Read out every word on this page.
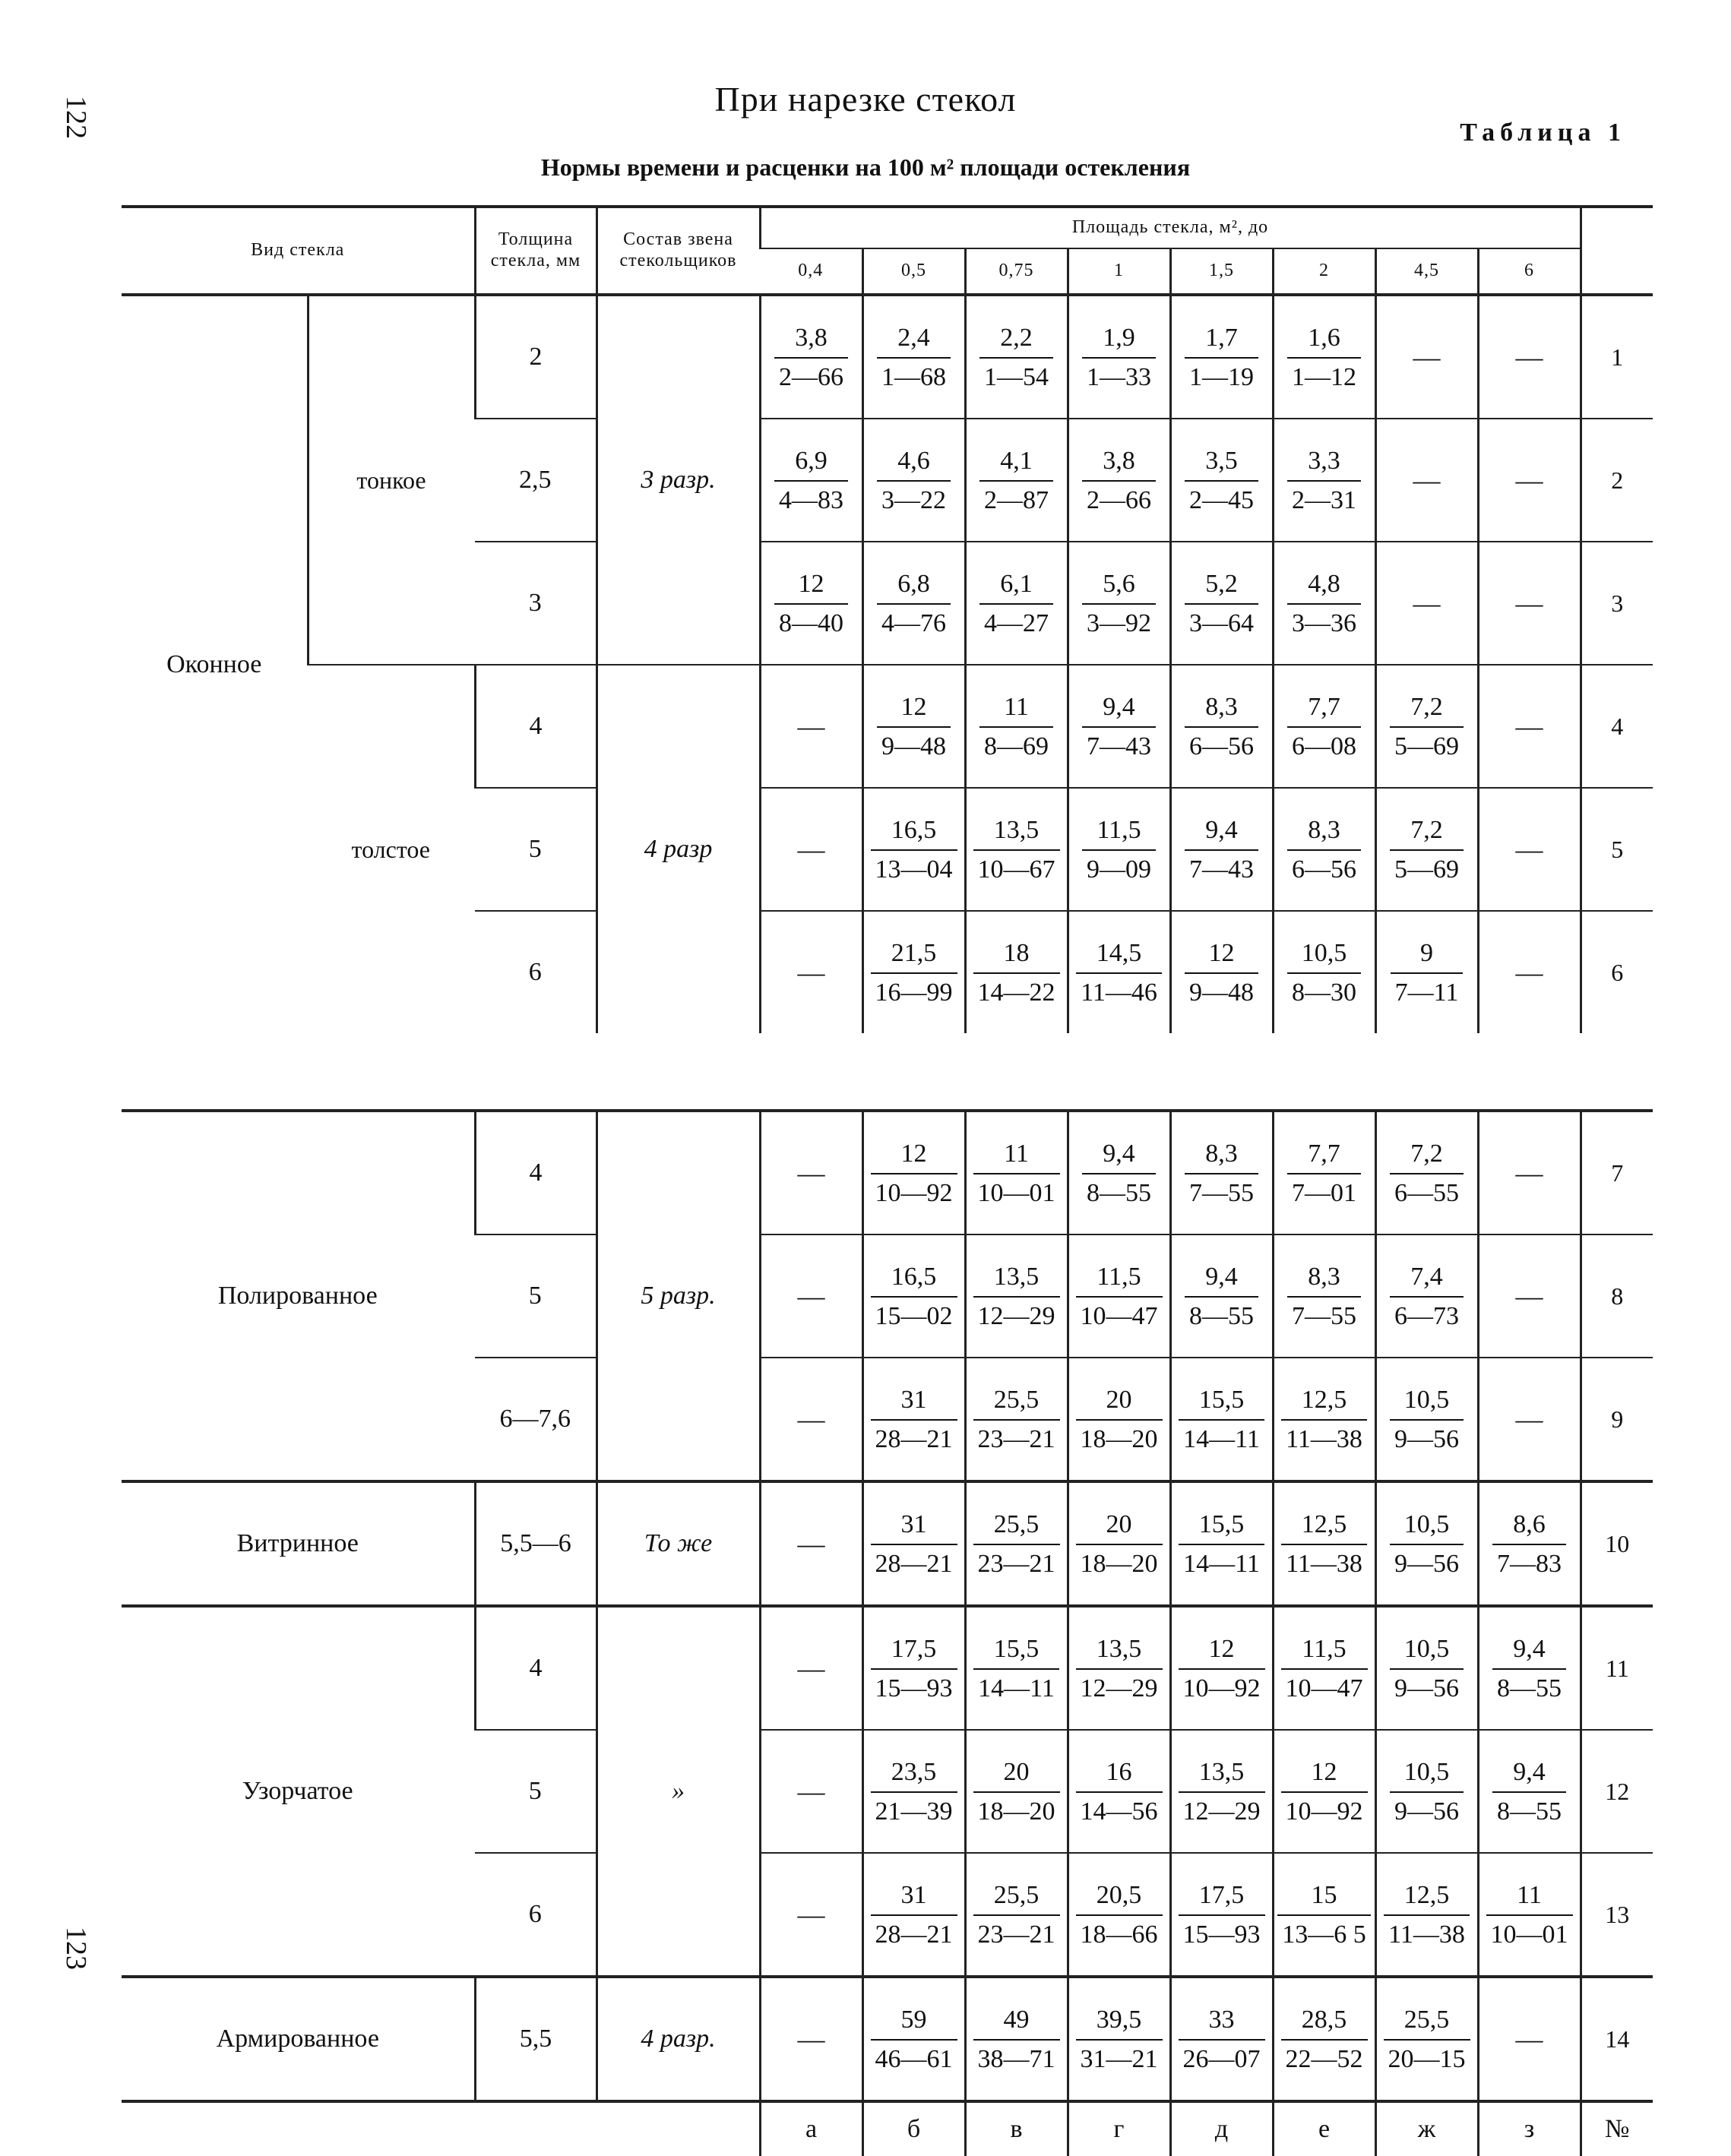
122
123
При нарезке стекол
Таблица 1
Нормы времени и расценки на 100 м² площади остекления
Вид стекла		Толщина стекла, мм	Состав звена стекольщиков	Площадь стекла, м², до								
				0,4	0,5	0,75	1	1,5	2	4,5	6	
Оконное	тонкое	2	3 разр.	$\frac{3,8}{2—66}$	$\frac{2,4}{1—68}$	$\frac{2,2}{1—54}$	$\frac{1,9}{1—33}$	$\frac{1,7}{1—19}$	$\frac{1,6}{1—12}$	—	—	1
		2,5		$\frac{6,9}{4—83}$	$\frac{4,6}{3—22}$	$\frac{4,1}{2—87}$	$\frac{3,8}{2—66}$	$\frac{3,5}{2—45}$	$\frac{3,3}{2—31}$	—	—	2
		3		$\frac{12}{8—40}$	$\frac{6,8}{4—76}$	$\frac{6,1}{4—27}$	$\frac{5,6}{3—92}$	$\frac{5,2}{3—64}$	$\frac{4,8}{3—36}$	—	—	3
	толстое	4	4 разр	—	$\frac{12}{9—48}$	$\frac{11}{8—69}$	$\frac{9,4}{7—43}$	$\frac{8,3}{6—56}$	$\frac{7,7}{6—08}$	$\frac{7,2}{5—69}$	—	4
		5		—	$\frac{16,5}{13—04}$	$\frac{13,5}{10—67}$	$\frac{11,5}{9—09}$	$\frac{9,4}{7—43}$	$\frac{8,3}{6—56}$	$\frac{7,2}{5—69}$	—	5
		6		—	$\frac{21,5}{16—99}$	$\frac{18}{14—22}$	$\frac{14,5}{11—46}$	$\frac{12}{9—48}$	$\frac{10,5}{8—30}$	$\frac{9}{7—11}$	—	6

Полированное		4	5 разр.	—	$\frac{12}{10—92}$	$\frac{11}{10—01}$	$\frac{9,4}{8—55}$	$\frac{8,3}{7—55}$	$\frac{7,7}{7—01}$	$\frac{7,2}{6—55}$	—	7
		5		—	$\frac{16,5}{15—02}$	$\frac{13,5}{12—29}$	$\frac{11,5}{10—47}$	$\frac{9,4}{8—55}$	$\frac{8,3}{7—55}$	$\frac{7,4}{6—73}$	—	8
		6—7,6		—	$\frac{31}{28—21}$	$\frac{25,5}{23—21}$	$\frac{20}{18—20}$	$\frac{15,5}{14—11}$	$\frac{12,5}{11—38}$	$\frac{10,5}{9—56}$	—	9
Витринное		5,5—6	То же	—	$\frac{31}{28—21}$	$\frac{25,5}{23—21}$	$\frac{20}{18—20}$	$\frac{15,5}{14—11}$	$\frac{12,5}{11—38}$	$\frac{10,5}{9—56}$	$\frac{8,6}{7—83}$	10
Узорчатое		4	»	—	$\frac{17,5}{15—93}$	$\frac{15,5}{14—11}$	$\frac{13,5}{12—29}$	$\frac{12}{10—92}$	$\frac{11,5}{10—47}$	$\frac{10,5}{9—56}$	$\frac{9,4}{8—55}$	11
		5		—	$\frac{23,5}{21—39}$	$\frac{20}{18—20}$	$\frac{16}{14—56}$	$\frac{13,5}{12—29}$	$\frac{12}{10—92}$	$\frac{10,5}{9—56}$	$\frac{9,4}{8—55}$	12
		6		—	$\frac{31}{28—21}$	$\frac{25,5}{23—21}$	$\frac{20,5}{18—66}$	$\frac{17,5}{15—93}$	$\frac{15}{13—6 5}$	$\frac{12,5}{11—38}$	$\frac{11}{10—01}$	13
Армированное		5,5	4 разр.	—	$\frac{59}{46—61}$	$\frac{49}{38—71}$	$\frac{39,5}{31—21}$	$\frac{33}{26—07}$	$\frac{28,5}{22—52}$	$\frac{25,5}{20—15}$	—	14
				а	б	в	г	д	е	ж	з	№
